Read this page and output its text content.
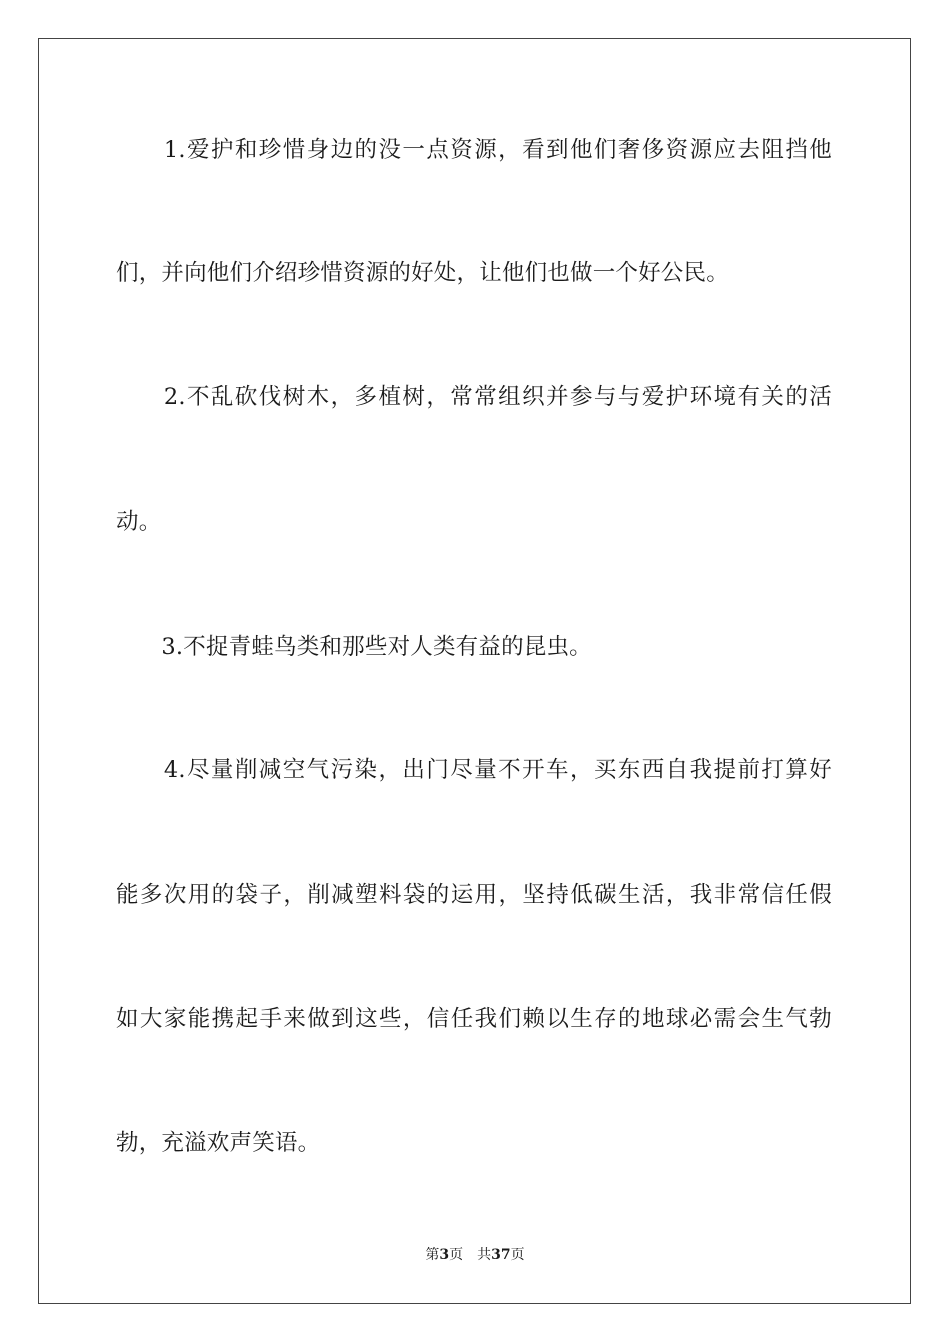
　　1.爱护和珍惜身边的没一点资源，看到他们奢侈资源应去阻挡他
们，并向他们介绍珍惜资源的好处，让他们也做一个好公民。
　　2.不乱砍伐树木，多植树，常常组织并参与与爱护环境有关的活
动。
　　3.不捉青蛙鸟类和那些对人类有益的昆虫。
　　4.尽量削减空气污染，出门尽量不开车，买东西自我提前打算好
能多次用的袋子，削减塑料袋的运用，坚持低碳生活，我非常信任假
如大家能携起手来做到这些，信任我们赖以生存的地球必需会生气勃
勃，充溢欢声笑语。
第3页 共37页
